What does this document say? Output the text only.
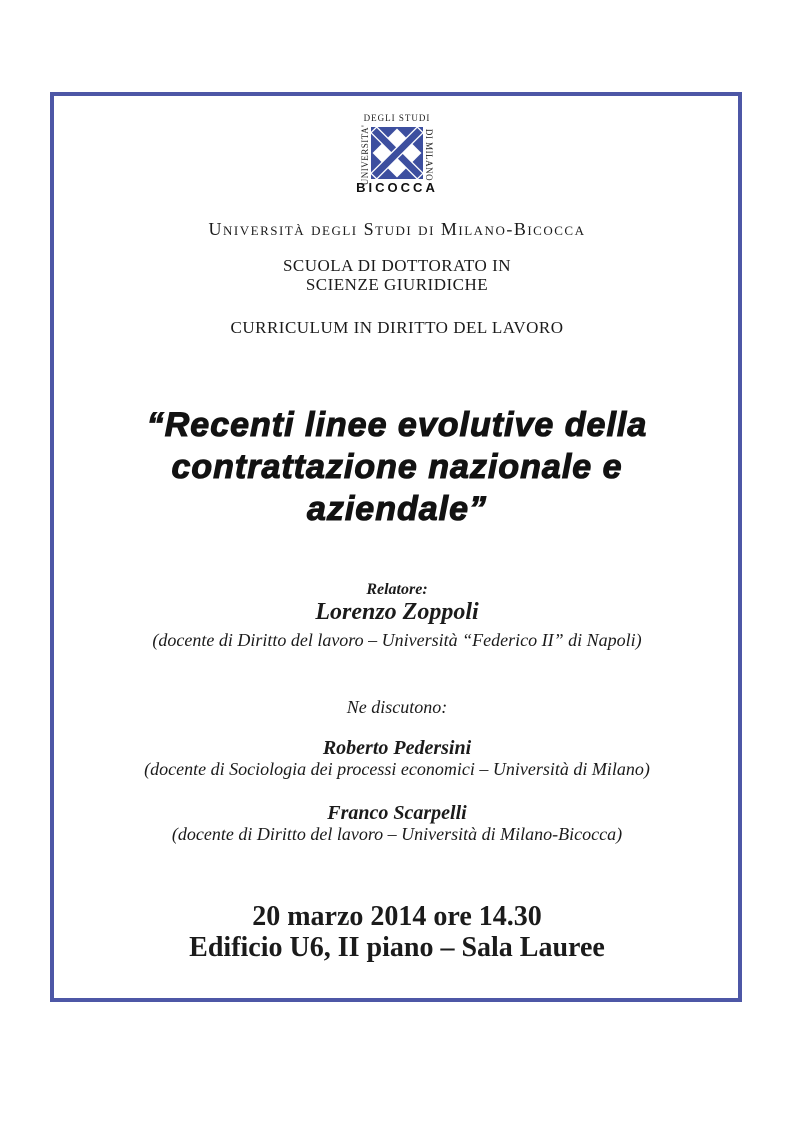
DEGLI STUDI
UNIVERSITA'	DI MILANO
BICOCCA
Università degli Studi di Milano-Bicocca
SCUOLA DI DOTTORATO IN
SCIENZE GIURIDICHE
CURRICULUM IN DIRITTO DEL LAVORO
“Recenti linee evolutive della
contrattazione nazionale e
aziendale”
Relatore:
Lorenzo Zoppoli
(docente di Diritto del lavoro – Università “Federico II” di Napoli)
Ne discutono:
Roberto Pedersini
(docente di Sociologia dei processi economici – Università di Milano)
Franco Scarpelli
(docente di Diritto del lavoro – Università di Milano-Bicocca)
20 marzo 2014 ore 14.30
Edificio U6, II piano – Sala Lauree
